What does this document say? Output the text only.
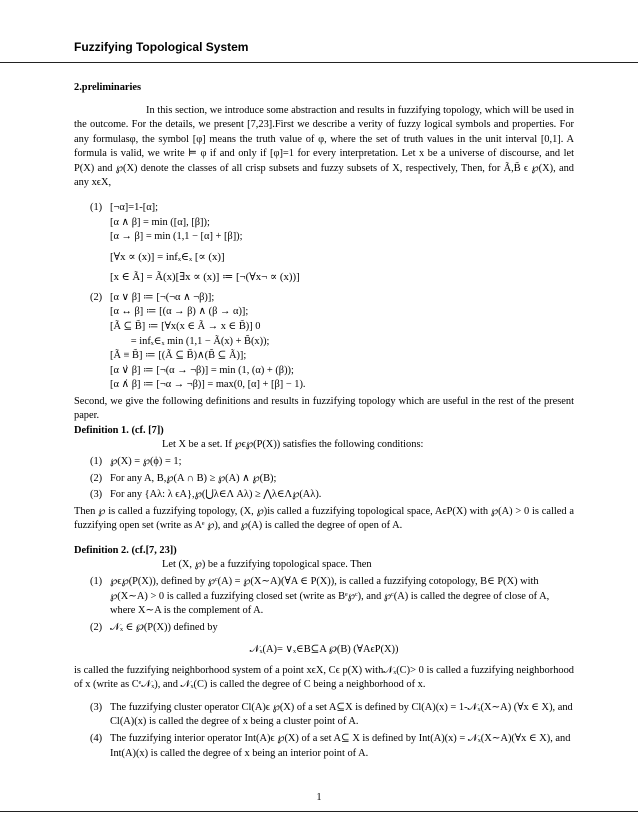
Fuzzifying Topological System
2.preliminaries

In this section, we introduce some abstraction and results in fuzzifying topology, which will be used in the outcome. For the details, we present [7,23].First we describe a verity of fuzzy logical symbols and properties. For any formulasφ, the symbol [φ] means the truth value of φ, where the set of truth values in the unit interval [0,1]. A formula is valid, we write ⊨ φ if and only if [φ]=1 for every interpretation. Let x be a universe of discourse, and let P(X) and ℘(X) denote the classes of all crisp subsets and fuzzy subsets of X, respectively, Then, for Ã,B̃ ϵ ℘(X), and any xϵX,

(1) [¬α]=1-[α];
[α ∧ β] = min ([α], [β]);
[α → β] = min (1,1 − [α] + [β]);
[∀x ∝ (x)] = infₓ∈ₓ [∝ (x)]
[x ∈ Ã] = Ã(x)[∃x ∝ (x)] ≔ [¬(∀x¬ ∝ (x))]
(2) [α ∨ β] ≔ [¬(¬α ∧ ¬β)];
[α ↔ β] ≔ [(α → β) ∧ (β → α)];
[Ã ⊆ B̃] ≔ [∀x(x ∈ Ã → x ∈ B̃)] 0
= infₓ∈ₓ min (1,1 − Ã(x) + B̃(x));
[Ã ≡ B̃] ≔ [(Ã ⊆ B̃)∧(B̃ ⊆ Ã)];
[α ∨̇ β] ≔ [¬(α → ¬β)] = min (1, (α) + (β));
[α ∧̇ β] ≔ [¬α → ¬β)] = max(0, [α] + [β] − 1).

Second, we give the following definitions and results in fuzzifying topology which are useful in the rest of the present paper.

Definition 1. (cf. [7])
Let X be a set. If ℘ϵ℘(P(X)) satisfies the following conditions:
(1) ℘(X) = ℘(ϕ) = 1;
(2) For any A, B,℘(A ∩ B) ≥ ℘(A) ∧ ℘(B);
(3) For any {Aλ: λ ϵA},℘(⋃λ∈Λ Aλ) ≥ ⋀λ∈Λ℘(Aλ).

Then ℘ is called a fuzzifying topology, (X, ℘)is called a fuzzifying topological space, AϵP(X) with ℘(A) > 0 is called a fuzzifying open set (write as Aᵉ ℘), and ℘(A) is called the degree of open of A.

Definition 2. (cf.[7, 23])
Let (X, ℘) be a fuzzifying topological space. Then
(1) ℘ϵ℘(P(X)), defined by ℘ᶜ(A) = ℘(X∼A)(∀A ∈ P(X)), is called a fuzzifying cotopology, B∈ P(X) with ℘(X∼A) > 0 is called a fuzzifying closed set (write as Bᵉ℘ᶜ), and ℘ᶜ(A) is called the degree of close of A, where X∼A is the complement of A.
(2) 𝒩ₓ ∈ ℘(P(X)) defined by
𝒩ₓ(A)= ∨ₓ∈B⊆A ℘(B) (∀AϵP(X))

is called the fuzzifying neighborhood system of a point xϵX, Cϵ p(X) with𝒩ₓ(C)> 0 is called a fuzzifying neighborhood of x (write as Cᵉ𝒩ₓ), and 𝒩ₓ(C) is called the degree of C being a neighborhood of x.

(3) The fuzzifying cluster operator Cl(A)ϵ ℘(X) of a set A⊆X is defined by Cl(A)(x) = 1-𝒩ₓ(X∼A) (∀x ∈ X), and Cl(A)(x) is called the degree of x being a cluster point of A.
(4) The fuzzifying interior operator Int(A)ϵ ℘(X) of a set A⊆ X is defined by Int(A)(x) = 𝒩ₓ(X∼A)(∀x ∈ X), and Int(A)(x) is called the degree of x being an interior point of A.
1
